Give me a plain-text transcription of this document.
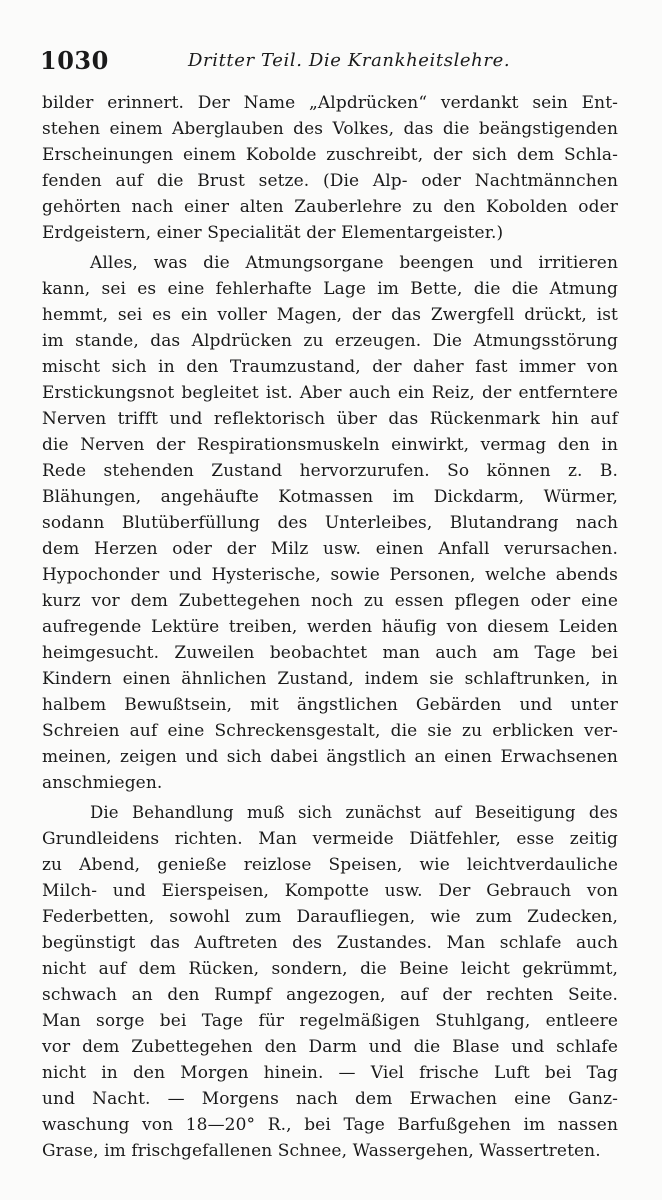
1030	Dritter Teil. Die Krankheitslehre.
bilder erinnert. Der Name „Alpdrücken“ verdankt sein Ent-
stehen einem Aberglauben des Volkes, das die beängstigenden
Erscheinungen einem Kobolde zuschreibt, der sich dem Schla-
fenden auf die Brust setze. (Die Alp- oder Nachtmännchen
gehörten nach einer alten Zauberlehre zu den Kobolden oder
Erdgeistern, einer Specialität der Elementargeister.)
Alles, was die Atmungsorgane beengen und irritieren
kann, sei es eine fehlerhafte Lage im Bette, die die Atmung
hemmt, sei es ein voller Magen, der das Zwergfell drückt, ist
im stande, das Alpdrücken zu erzeugen. Die Atmungsstörung
mischt sich in den Traumzustand, der daher fast immer von
Erstickungsnot begleitet ist. Aber auch ein Reiz, der entferntere
Nerven trifft und reflektorisch über das Rückenmark hin auf
die Nerven der Respirationsmuskeln einwirkt, vermag den in
Rede stehenden Zustand hervorzurufen. So können z. B.
Blähungen, angehäufte Kotmassen im Dickdarm, Würmer,
sodann Blutüberfüllung des Unterleibes, Blutandrang nach
dem Herzen oder der Milz usw. einen Anfall verursachen.
Hypochonder und Hysterische, sowie Personen, welche abends
kurz vor dem Zubettegehen noch zu essen pflegen oder eine
aufregende Lektüre treiben, werden häufig von diesem Leiden
heimgesucht. Zuweilen beobachtet man auch am Tage bei
Kindern einen ähnlichen Zustand, indem sie schlaftrunken, in
halbem Bewußtsein, mit ängstlichen Gebärden und unter
Schreien auf eine Schreckensgestalt, die sie zu erblicken ver-
meinen, zeigen und sich dabei ängstlich an einen Erwachsenen
anschmiegen.
Die Behandlung muß sich zunächst auf Beseitigung des
Grundleidens richten. Man vermeide Diätfehler, esse zeitig
zu Abend, genieße reizlose Speisen, wie leichtverdauliche
Milch- und Eierspeisen, Kompotte usw. Der Gebrauch von
Federbetten, sowohl zum Daraufliegen, wie zum Zudecken,
begünstigt das Auftreten des Zustandes. Man schlafe auch
nicht auf dem Rücken, sondern, die Beine leicht gekrümmt,
schwach an den Rumpf angezogen, auf der rechten Seite.
Man sorge bei Tage für regelmäßigen Stuhlgang, entleere
vor dem Zubettegehen den Darm und die Blase und schlafe
nicht in den Morgen hinein. — Viel frische Luft bei Tag
und Nacht. — Morgens nach dem Erwachen eine Ganz-
waschung von 18—20° R., bei Tage Barfußgehen im nassen
Grase, im frischgefallenen Schnee, Wassergehen, Wassertreten.
